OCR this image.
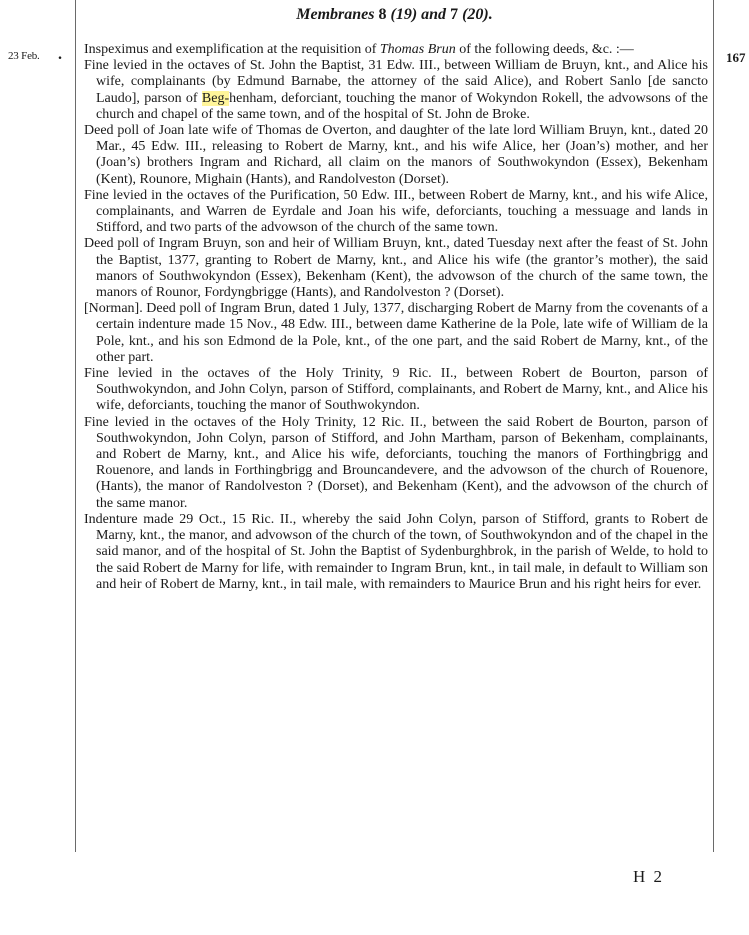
Membranes 8 (19) and 7 (20).
23 Feb. .	167

Inspeximus and exemplification at the requisition of Thomas Brun of the following deeds, &c. :—

Fine levied in the octaves of St. John the Baptist, 31 Edw. III., between William de Bruyn, knt., and Alice his wife, complainants (by Edmund Barnabe, the attorney of the said Alice), and Robert Sanlo [de sancto Laudo], parson of Beg-henham, deforciant, touching the manor of Wokyndon Rokell, the advowsons of the church and chapel of the same town, and of the hospital of St. John de Broke.

Deed poll of Joan late wife of Thomas de Overton, and daughter of the late lord William Bruyn, knt., dated 20 Mar., 45 Edw. III., releasing to Robert de Marny, knt., and his wife Alice, her (Joan’s) mother, and her (Joan’s) brothers Ingram and Richard, all claim on the manors of Southwokyndon (Essex), Bekenham (Kent), Rounore, Mighain (Hants), and Randolveston (Dorset).

Fine levied in the octaves of the Purification, 50 Edw. III., between Robert de Marny, knt., and his wife Alice, complainants, and Warren de Eyrdale and Joan his wife, deforciants, touching a messuage and lands in Stifford, and two parts of the advowson of the church of the same town.

Deed poll of Ingram Bruyn, son and heir of William Bruyn, knt., dated Tuesday next after the feast of St. John the Baptist, 1377, granting to Robert de Marny, knt., and Alice his wife (the grantor’s mother), the said manors of Southwokyndon (Essex), Bekenham (Kent), the advowson of the church of the same town, the manors of Rounor, Fordyngbrigge (Hants), and Randolveston ? (Dorset).

[Norman]. Deed poll of Ingram Brun, dated 1 July, 1377, discharging Robert de Marny from the covenants of a certain indenture made 15 Nov., 48 Edw. III., between dame Katherine de la Pole, late wife of William de la Pole, knt., and his son Edmond de la Pole, knt., of the one part, and the said Robert de Marny, knt., of the other part.

Fine levied in the octaves of the Holy Trinity, 9 Ric. II., between Robert de Bourton, parson of Southwokyndon, and John Colyn, parson of Stifford, complainants, and Robert de Marny, knt., and Alice his wife, deforciants, touching the manor of Southwokyndon.

Fine levied in the octaves of the Holy Trinity, 12 Ric. II., between the said Robert de Bourton, parson of Southwokyndon, John Colyn, parson of Stifford, and John Martham, parson of Bekenham, complainants, and Robert de Marny, knt., and Alice his wife, deforciants, touching the manors of Forthingbrigg and Rouenore, and lands in Forthingbrigg and Brouncandevere, and the advowson of the church of Rouenore, (Hants), the manor of Randolveston ? (Dorset), and Bekenham (Kent), and the advowson of the church of the same manor.

Indenture made 29 Oct., 15 Ric. II., whereby the said John Colyn, parson of Stifford, grants to Robert de Marny, knt., the manor, and advowson of the church of the town, of Southwokyndon and of the chapel in the said manor, and of the hospital of St. John the Baptist of Sydenburghbrok, in the parish of Welde, to hold to the said Robert de Marny for life, with remainder to Ingram Brun, knt., in tail male, in default to William son and heir of Robert de Marny, knt., in tail male, with remainders to Maurice Brun and his right heirs for ever.

H 2
